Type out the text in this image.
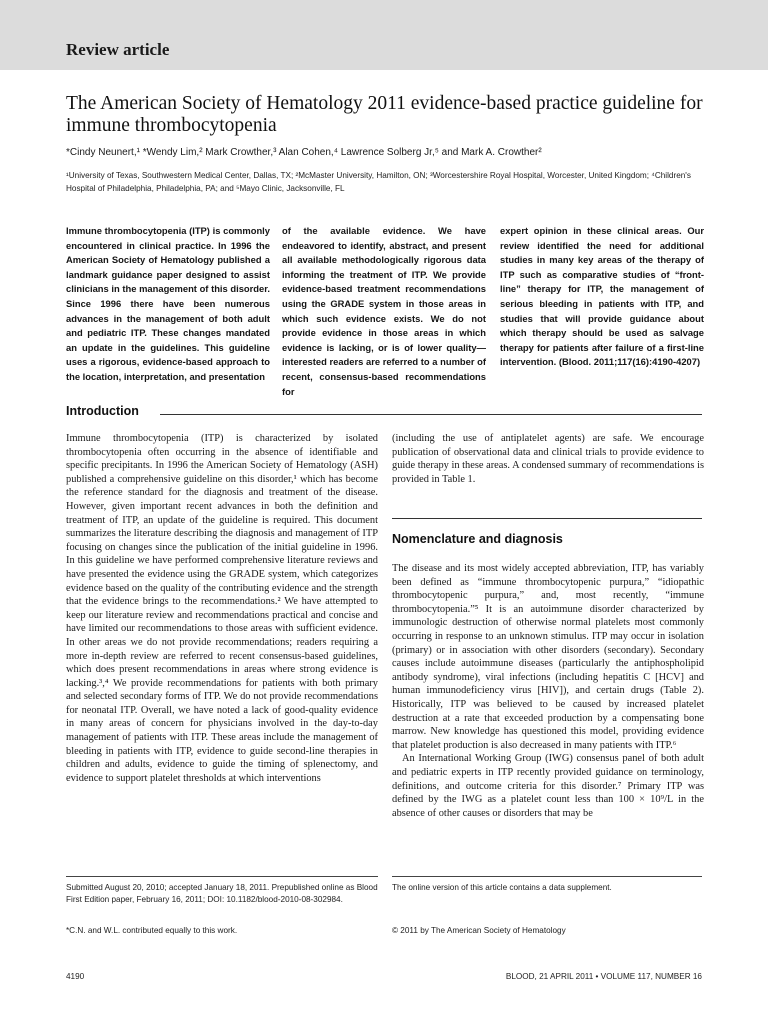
Review article
The American Society of Hematology 2011 evidence-based practice guideline for immune thrombocytopenia
*Cindy Neunert,¹ *Wendy Lim,² Mark Crowther,³ Alan Cohen,⁴ Lawrence Solberg Jr,⁵ and Mark A. Crowther²
¹University of Texas, Southwestern Medical Center, Dallas, TX; ²McMaster University, Hamilton, ON; ³Worcestershire Royal Hospital, Worcester, United Kingdom; ⁴Children's Hospital of Philadelphia, Philadelphia, PA; and ⁵Mayo Clinic, Jacksonville, FL

Immune thrombocytopenia (ITP) is commonly encountered in clinical practice. In 1996 the American Society of Hematology published a landmark guidance paper designed to assist clinicians in the management of this disorder. Since 1996 there have been numerous advances in the management of both adult and pediatric ITP. These changes mandated an update in the guidelines. This guideline uses a rigorous, evidence-based approach to the location, interpretation, and presentation

of the available evidence. We have endeavored to identify, abstract, and present all available methodologically rigorous data informing the treatment of ITP. We provide evidence-based treatment recommendations using the GRADE system in those areas in which such evidence exists. We do not provide evidence in those areas in which evidence is lacking, or is of lower quality—interested readers are referred to a number of recent, consensus-based recommendations for

expert opinion in these clinical areas. Our review identified the need for additional studies in many key areas of the therapy of ITP such as comparative studies of “front-line” therapy for ITP, the management of serious bleeding in patients with ITP, and studies that will provide guidance about which therapy should be used as salvage therapy for patients after failure of a first-line intervention. (Blood. 2011;117(16):4190-4207)

Introduction

Immune thrombocytopenia (ITP) is characterized by isolated thrombocytopenia often occurring in the absence of identifiable and specific precipitants. In 1996 the American Society of Hematology (ASH) published a comprehensive guideline on this disorder,¹ which has become the reference standard for the diagnosis and treatment of the disease. However, given important recent advances in both the definition and treatment of ITP, an update of the guideline is required. This document summarizes the literature describing the diagnosis and management of ITP focusing on changes since the publication of the initial guideline in 1996. In this guideline we have performed comprehensive literature reviews and have presented the evidence using the GRADE system, which categorizes evidence based on the quality of the contributing evidence and the strength that the evidence brings to the recommendations.² We have attempted to keep our literature review and recommendations practical and concise and have limited our recommendations to those areas with sufficient evidence. In other areas we do not provide recommendations; readers requiring a more in-depth review are referred to recent consensus-based guidelines, which does present recommendations in areas where strong evidence is lacking.³,⁴ We provide recommendations for patients with both primary and selected secondary forms of ITP. We do not provide recommendations for neonatal ITP. Overall, we have noted a lack of good-quality evidence in many areas of concern for physicians involved in the day-to-day management of patients with ITP. These areas include the management of bleeding in patients with ITP, evidence to guide second-line therapies in children and adults, evidence to guide the timing of splenectomy, and evidence to support platelet thresholds at which interventions

(including the use of antiplatelet agents) are safe. We encourage publication of observational data and clinical trials to provide evidence to guide therapy in these areas. A condensed summary of recommendations is provided in Table 1.

Nomenclature and diagnosis

The disease and its most widely accepted abbreviation, ITP, has variably been defined as “immune thrombocytopenic purpura,” “idiopathic thrombocytopenic purpura,” and, most recently, “immune thrombocytopenia.”⁵ It is an autoimmune disorder characterized by immunologic destruction of otherwise normal platelets most commonly occurring in response to an unknown stimulus. ITP may occur in isolation (primary) or in association with other disorders (secondary). Secondary causes include autoimmune diseases (particularly the antiphospholipid antibody syndrome), viral infections (including hepatitis C [HCV] and human immunodeficiency virus [HIV]), and certain drugs (Table 2). Historically, ITP was believed to be caused by increased platelet destruction at a rate that exceeded production by a compensating bone marrow. New knowledge has questioned this model, providing evidence that platelet production is also decreased in many patients with ITP.⁶

An International Working Group (IWG) consensus panel of both adult and pediatric experts in ITP recently provided guidance on terminology, definitions, and outcome criteria for this disorder.⁷ Primary ITP was defined by the IWG as a platelet count less than 100 × 10⁹/L in the absence of other causes or disorders that may be

Submitted August 20, 2010; accepted January 18, 2011. Prepublished online as Blood First Edition paper, February 16, 2011; DOI: 10.1182/blood-2010-08-302984.
*C.N. and W.L. contributed equally to this work.
The online version of this article contains a data supplement.
© 2011 by The American Society of Hematology
4190	BLOOD, 21 APRIL 2011 • VOLUME 117, NUMBER 16
